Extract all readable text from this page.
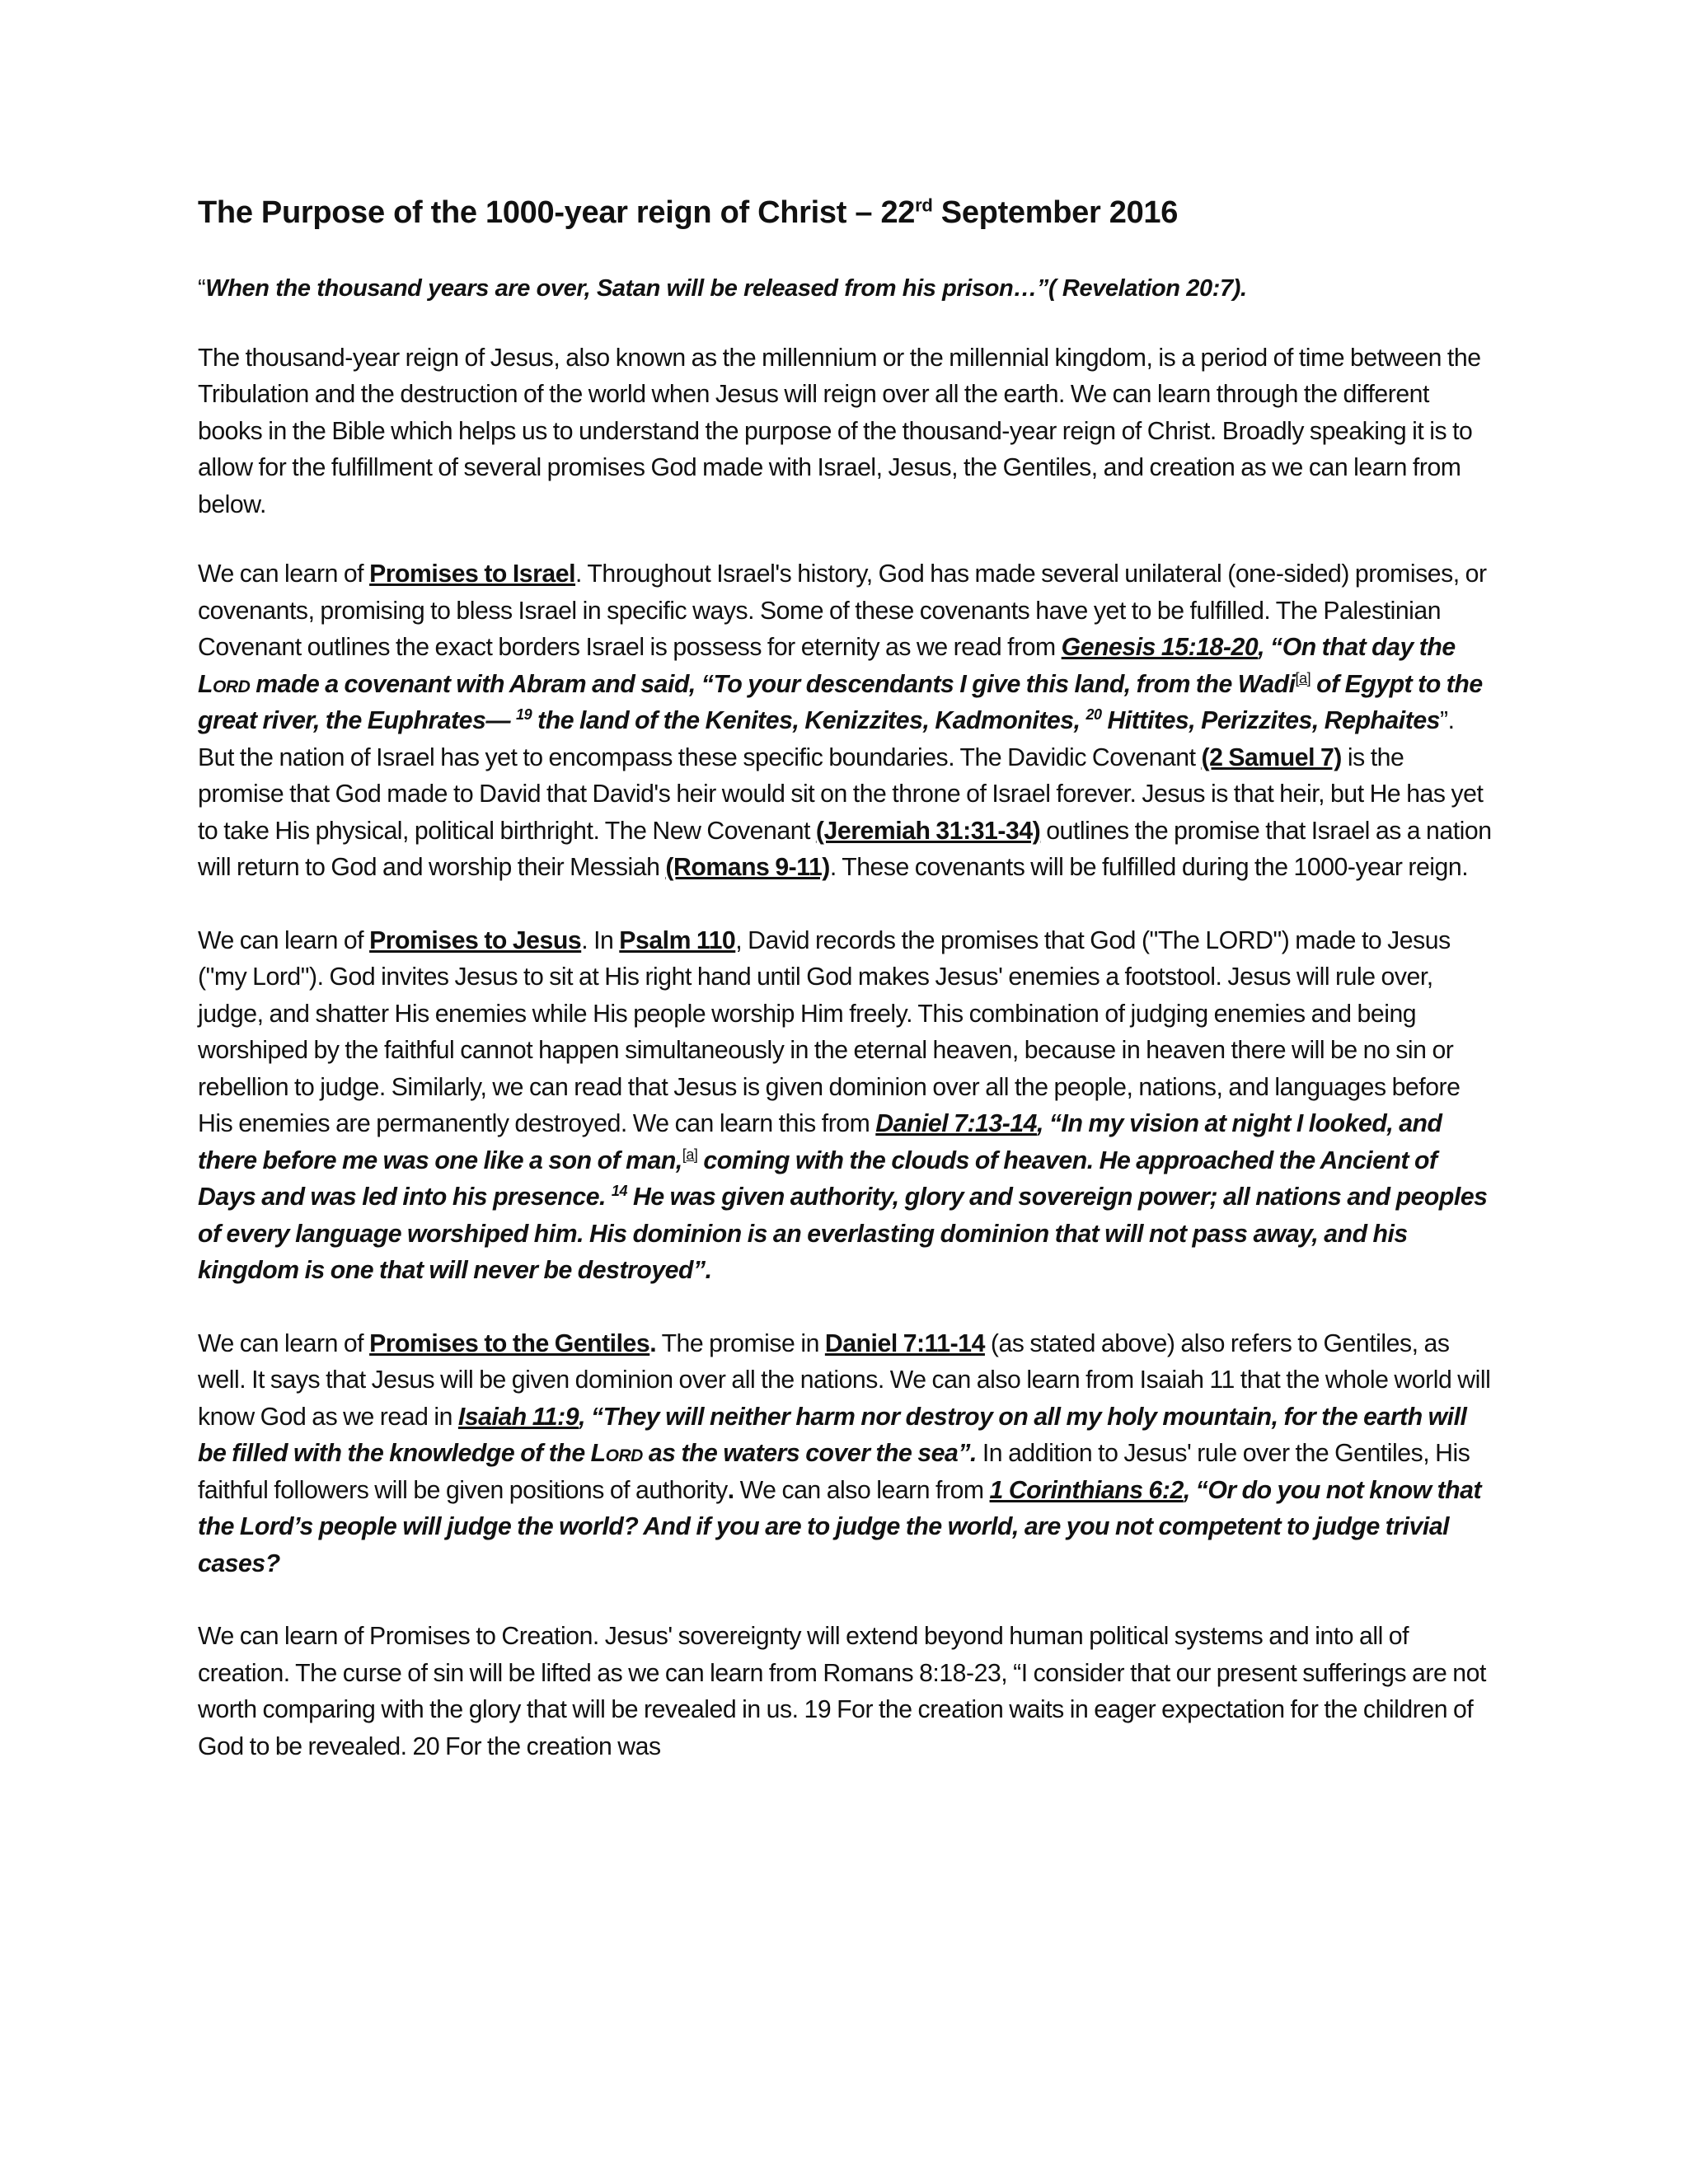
The Purpose of the 1000-year reign of Christ – 22rd September 2016

“When the thousand years are over, Satan will be released from his prison…”( Revelation 20:7).

The thousand-year reign of Jesus, also known as the millennium or the millennial kingdom, is a period of time between the Tribulation and the destruction of the world when Jesus will reign over all the earth. We can learn through the different books in the Bible which helps us to understand the purpose of the thousand-year reign of Christ. Broadly speaking it is to allow for the fulfillment of several promises God made with Israel, Jesus, the Gentiles, and creation as we can learn from below.

We can learn of Promises to Israel. Throughout Israel's history, God has made several unilateral (one-sided) promises, or covenants, promising to bless Israel in specific ways. Some of these covenants have yet to be fulfilled. The Palestinian Covenant outlines the exact borders Israel is possess for eternity as we read from Genesis 15:18-20, “On that day the Lord made a covenant with Abram and said, “To your descendants I give this land, from the Wadi[a] of Egypt to the great river, the Euphrates— $^{19}$ the land of the Kenites, Kenizzites, Kadmonites, $^{20}$ Hittites, Perizzites, Rephaites”. But the nation of Israel has yet to encompass these specific boundaries. The Davidic Covenant (2 Samuel 7) is the promise that God made to David that David's heir would sit on the throne of Israel forever. Jesus is that heir, but He has yet to take His physical, political birthright. The New Covenant (Jeremiah 31:31-34) outlines the promise that Israel as a nation will return to God and worship their Messiah (Romans 9-11). These covenants will be fulfilled during the 1000-year reign.

We can learn of Promises to Jesus. In Psalm 110, David records the promises that God ("The LORD") made to Jesus ("my Lord"). God invites Jesus to sit at His right hand until God makes Jesus' enemies a footstool. Jesus will rule over, judge, and shatter His enemies while His people worship Him freely. This combination of judging enemies and being worshiped by the faithful cannot happen simultaneously in the eternal heaven, because in heaven there will be no sin or rebellion to judge. Similarly, we can read that Jesus is given dominion over all the people, nations, and languages before His enemies are permanently destroyed. We can learn this from Daniel 7:13-14, “In my vision at night I looked, and there before me was one like a son of man,[a] coming with the clouds of heaven. He approached the Ancient of Days and was led into his presence. $^{14}$ He was given authority, glory and sovereign power; all nations and peoples of every language worshiped him. His dominion is an everlasting dominion that will not pass away, and his kingdom is one that will never be destroyed”.

We can learn of Promises to the Gentiles. The promise in Daniel 7:11-14 (as stated above) also refers to Gentiles, as well. It says that Jesus will be given dominion over all the nations. We can also learn from Isaiah 11 that the whole world will know God as we read in Isaiah 11:9, “They will neither harm nor destroy on all my holy mountain, for the earth will be filled with the knowledge of the Lord as the waters cover the sea”. In addition to Jesus' rule over the Gentiles, His faithful followers will be given positions of authority. We can also learn from 1 Corinthians 6:2, “Or do you not know that the Lord’s people will judge the world? And if you are to judge the world, are you not competent to judge trivial cases?

We can learn of Promises to Creation. Jesus' sovereignty will extend beyond human political systems and into all of creation. The curse of sin will be lifted as we can learn from Romans 8:18-23, “I consider that our present sufferings are not worth comparing with the glory that will be revealed in us. 19 For the creation waits in eager expectation for the children of God to be revealed. 20 For the creation was
